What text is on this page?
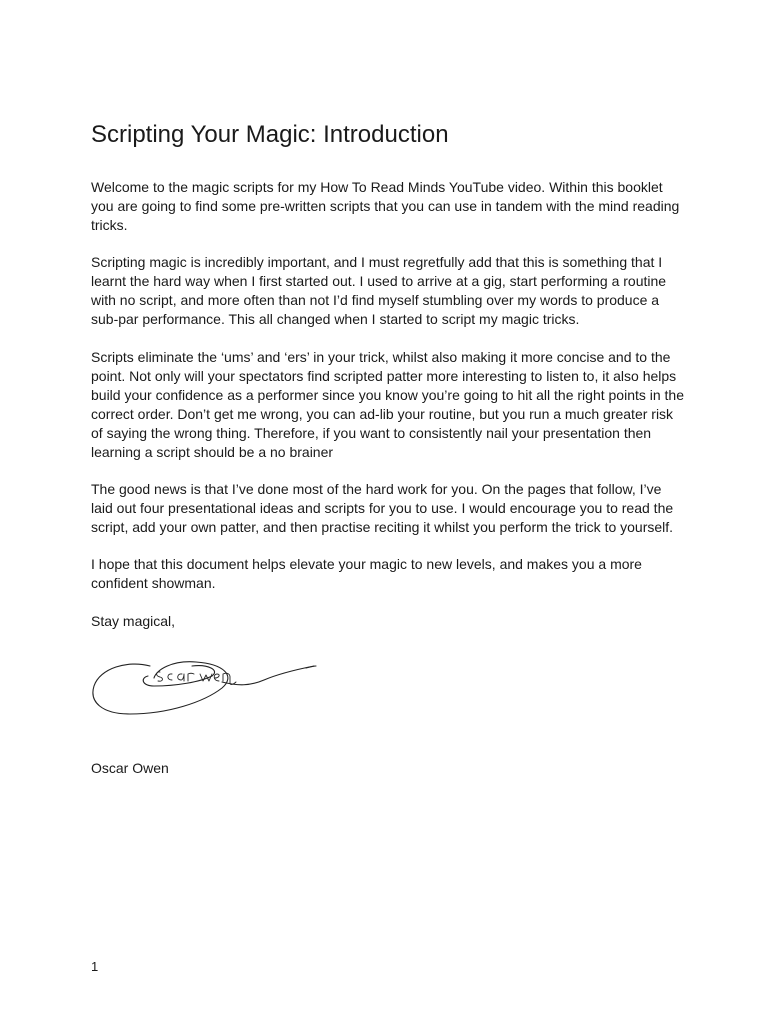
Scripting Your Magic: Introduction

Welcome to the magic scripts for my How To Read Minds YouTube video. Within this booklet
you are going to find some pre-written scripts that you can use in tandem with the mind reading
tricks.

Scripting magic is incredibly important, and I must regretfully add that this is something that I
learnt the hard way when I first started out. I used to arrive at a gig, start performing a routine
with no script, and more often than not I’d find myself stumbling over my words to produce a
sub-par performance. This all changed when I started to script my magic tricks.

Scripts eliminate the ‘ums’ and ‘ers’ in your trick, whilst also making it more concise and to the
point. Not only will your spectators find scripted patter more interesting to listen to, it also helps
build your confidence as a performer since you know you’re going to hit all the right points in the
correct order. Don’t get me wrong, you can ad-lib your routine, but you run a much greater risk
of saying the wrong thing. Therefore, if you want to consistently nail your presentation then
learning a script should be a no brainer

The good news is that I’ve done most of the hard work for you. On the pages that follow, I’ve
laid out four presentational ideas and scripts for you to use. I would encourage you to read the
script, add your own patter, and then practise reciting it whilst you perform the trick to yourself.

I hope that this document helps elevate your magic to new levels, and makes you a more
confident showman.

Stay magical,

Oscar Owen

1
